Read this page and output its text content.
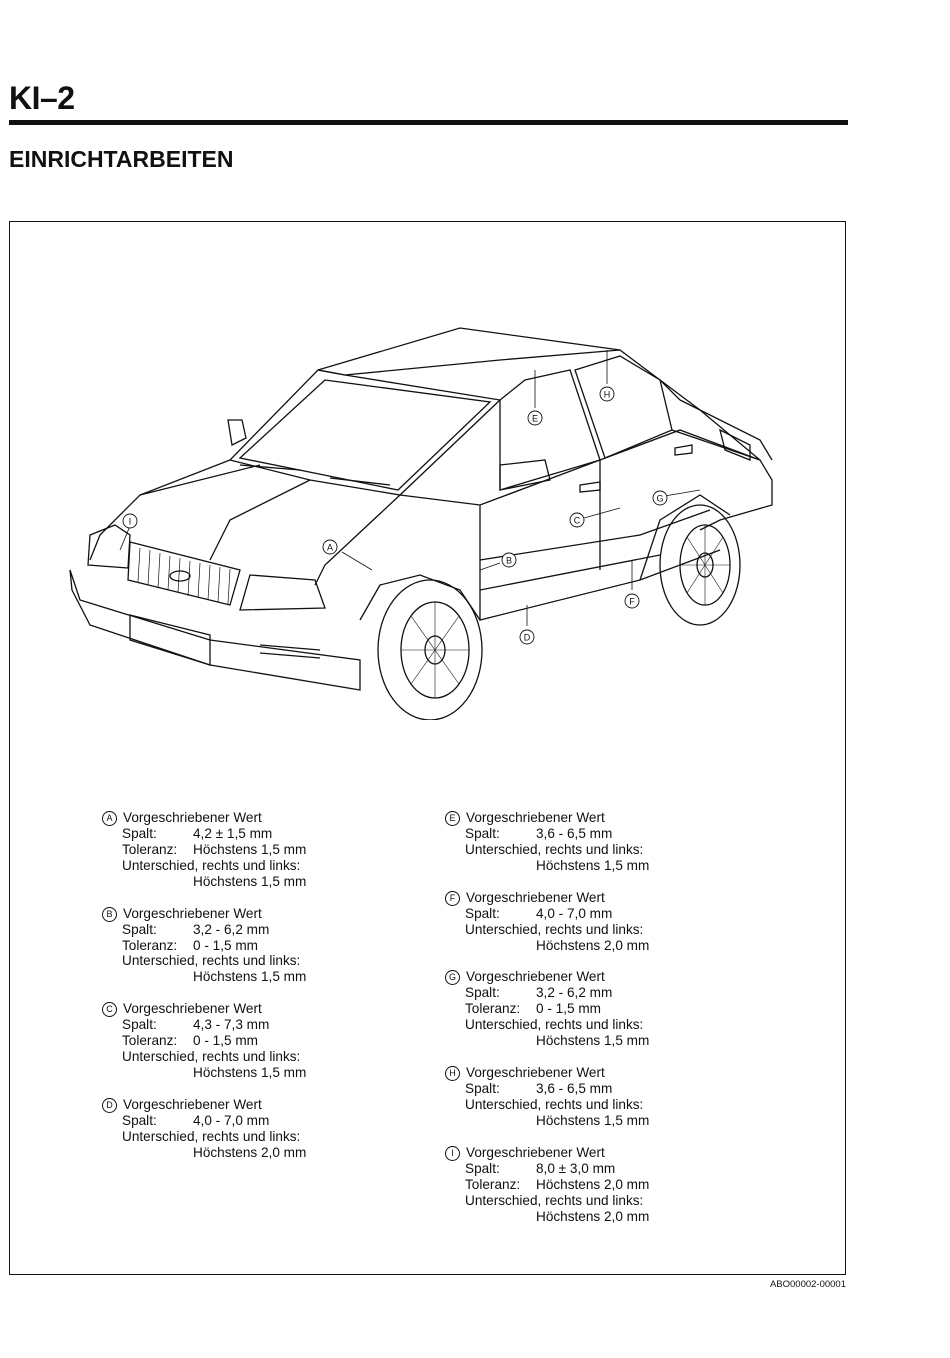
KI–2
EINRICHTARBEITEN
A
B
C
D
E
F
G
H
I
A Vorgeschriebener Wert
Spalt:	4,2 ± 1,5 mm
Toleranz:	Höchstens 1,5 mm
Unterschied, rechts und links:
Höchstens 1,5 mm
B Vorgeschriebener Wert
Spalt:	3,2 - 6,2 mm
Toleranz:	0 - 1,5 mm
Unterschied, rechts und links:
Höchstens 1,5 mm
C Vorgeschriebener Wert
Spalt:	4,3 - 7,3 mm
Toleranz:	0 - 1,5 mm
Unterschied, rechts und links:
Höchstens 1,5 mm
D Vorgeschriebener Wert
Spalt:	4,0 - 7,0 mm
Unterschied, rechts und links:
Höchstens 2,0 mm
E Vorgeschriebener Wert
Spalt:	3,6 - 6,5 mm
Unterschied, rechts und links:
Höchstens 1,5 mm
F Vorgeschriebener Wert
Spalt:	4,0 - 7,0 mm
Unterschied, rechts und links:
Höchstens 2,0 mm
G Vorgeschriebener Wert
Spalt:	3,2 - 6,2 mm
Toleranz:	0 - 1,5 mm
Unterschied, rechts und links:
Höchstens 1,5 mm
H Vorgeschriebener Wert
Spalt:	3,6 - 6,5 mm
Unterschied, rechts und links:
Höchstens 1,5 mm
I Vorgeschriebener Wert
Spalt:	8,0 ± 3,0 mm
Toleranz:	Höchstens 2,0 mm
Unterschied, rechts und links:
Höchstens 2,0 mm
ABO00002-00001
